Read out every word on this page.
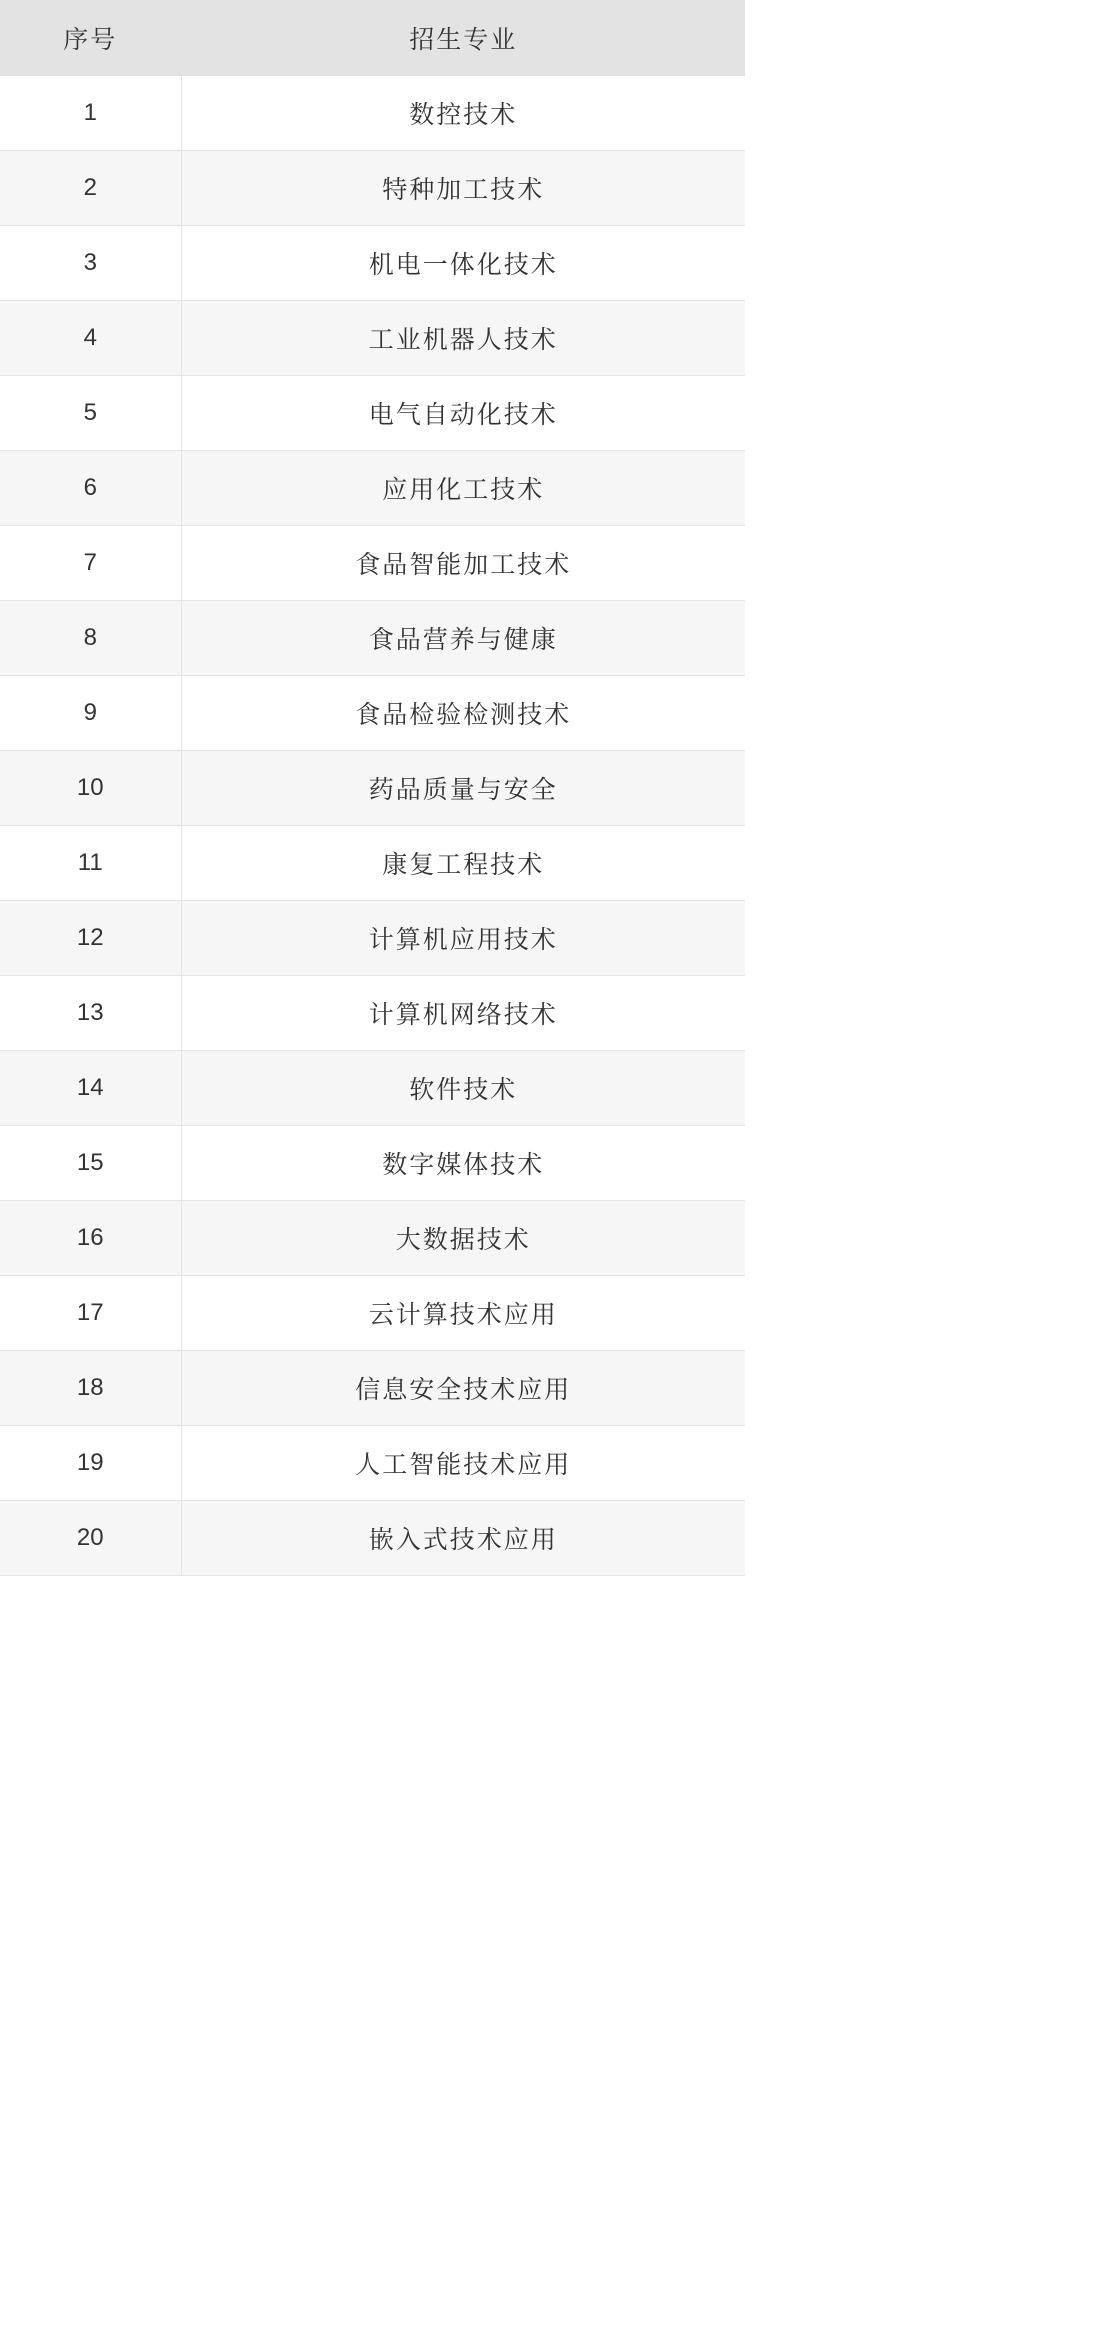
序号	招生专业
1	数控技术
2	特种加工技术
3	机电一体化技术
4	工业机器人技术
5	电气自动化技术
6	应用化工技术
7	食品智能加工技术
8	食品营养与健康
9	食品检验检测技术
10	药品质量与安全
11	康复工程技术
12	计算机应用技术
13	计算机网络技术
14	软件技术
15	数字媒体技术
16	大数据技术
17	云计算技术应用
18	信息安全技术应用
19	人工智能技术应用
20	嵌入式技术应用
